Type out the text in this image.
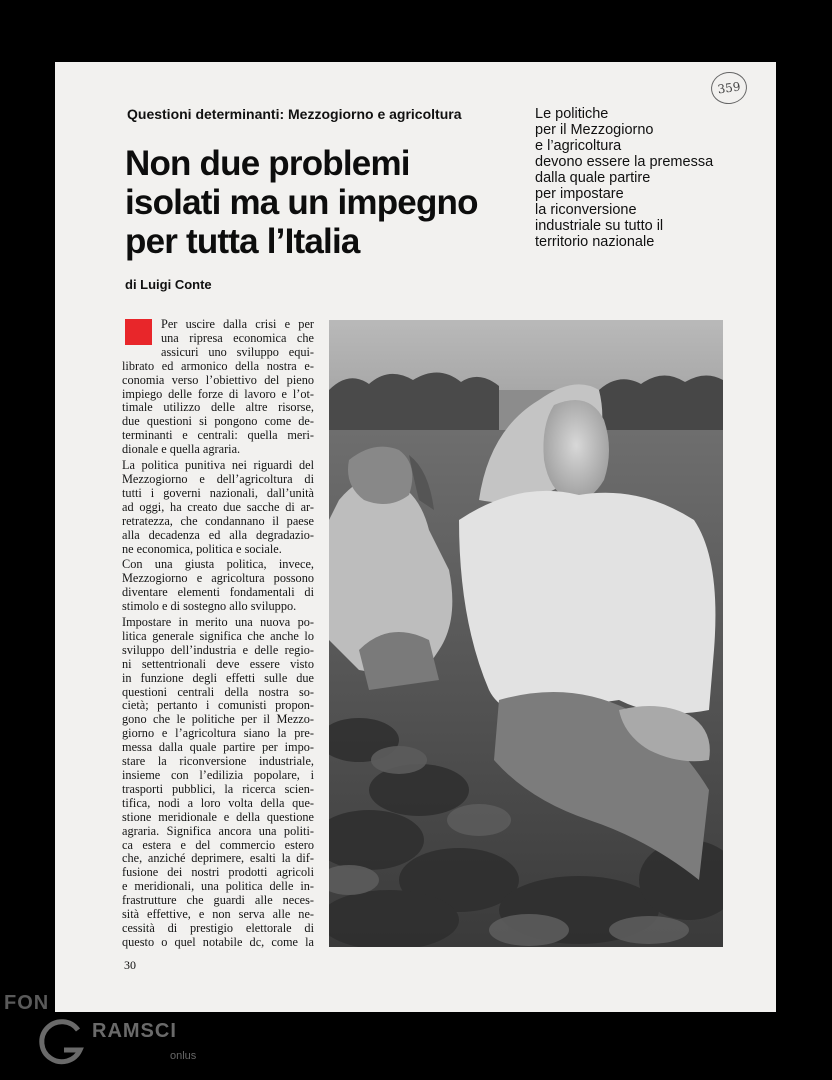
359
Questioni determinanti: Mezzogiorno e agricoltura
Non due problemi
isolati ma un impegno
per tutta l’Italia
Le politiche
per il Mezzogiorno
e l’agricoltura
devono essere la premessa
dalla quale partire
per impostare
la riconversione
industriale su tutto il
territorio nazionale
di Luigi Conte
Per uscire dalla crisi e per
una ripresa economica che
assicuri uno sviluppo equi-
librato ed armonico della nostra e-
conomia verso l’obiettivo del pieno
impiego delle forze di lavoro e l’ot-
timale utilizzo delle altre risorse,
due questioni si pongono come de-
terminanti e centrali: quella meri-
dionale e quella agraria.
La politica punitiva nei riguardi del
Mezzogiorno e dell’agricoltura di
tutti i governi nazionali, dall’unità
ad oggi, ha creato due sacche di ar-
retratezza, che condannano il paese
alla decadenza ed alla degradazio-
ne economica, politica e sociale.
Con una giusta politica, invece,
Mezzogiorno e agricoltura possono
diventare elementi fondamentali di
stimolo e di sostegno allo sviluppo.
Impostare in merito una nuova po-
litica generale significa che anche lo
sviluppo dell’industria e delle regio-
ni settentrionali deve essere visto
in funzione degli effetti sulle due
questioni centrali della nostra so-
cietà; pertanto i comunisti propon-
gono che le politiche per il Mezzo-
giorno e l’agricoltura siano la pre-
messa dalla quale partire per impo-
stare la riconversione industriale,
insieme con l’edilizia popolare, i
trasporti pubblici, la ricerca scien-
tifica, nodi a loro volta della que-
stione meridionale e della questione
agraria. Significa ancora una politi-
ca estera e del commercio estero
che, anziché deprimere, esalti la dif-
fusione dei nostri prodotti agricoli
e meridionali, una politica delle in-
frastrutture che guardi alle neces-
sità effettive, e non serva alle ne-
cessità di prestigio elettorale di
questo o quel notabile dc, come la
30
FON
G RAMSCI
onlus
